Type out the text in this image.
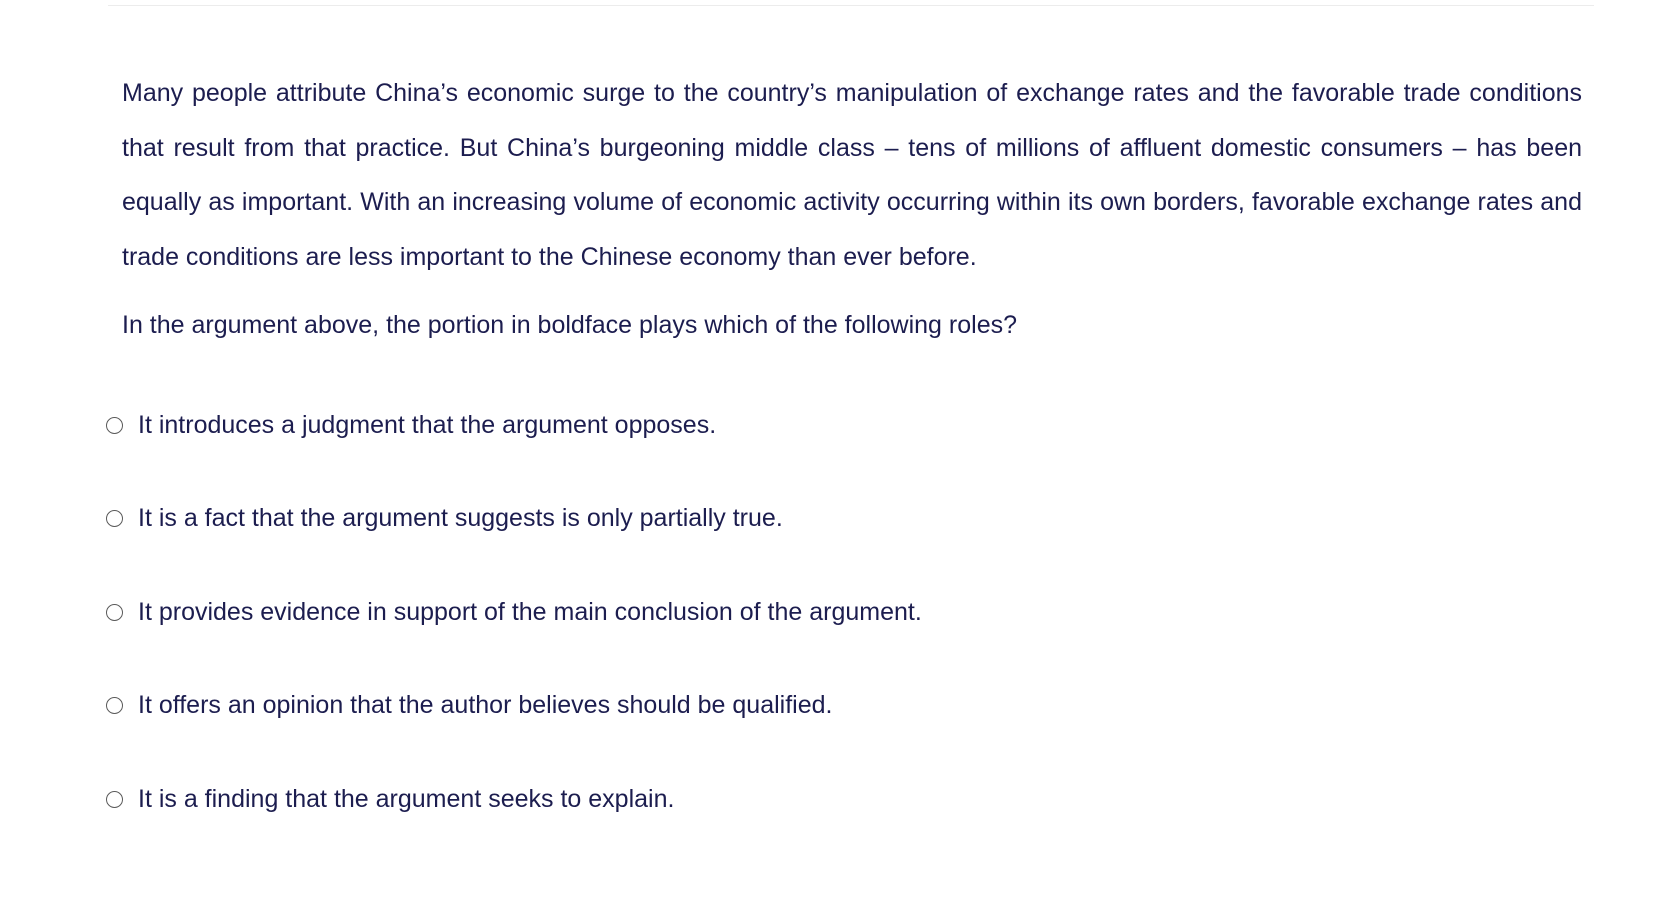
Many people attribute China’s economic surge to the country’s manipulation of exchange rates and the favorable trade conditions that result from that practice. But China’s burgeoning middle class – tens of millions of affluent domestic consumers – has been equally as important. With an increasing volume of economic activity occurring within its own borders, favorable exchange rates and trade conditions are less important to the Chinese economy than ever before.

In the argument above, the portion in boldface plays which of the following roles?

It introduces a judgment that the argument opposes.
It is a fact that the argument suggests is only partially true.
It provides evidence in support of the main conclusion of the argument.
It offers an opinion that the author believes should be qualified.
It is a finding that the argument seeks to explain.
